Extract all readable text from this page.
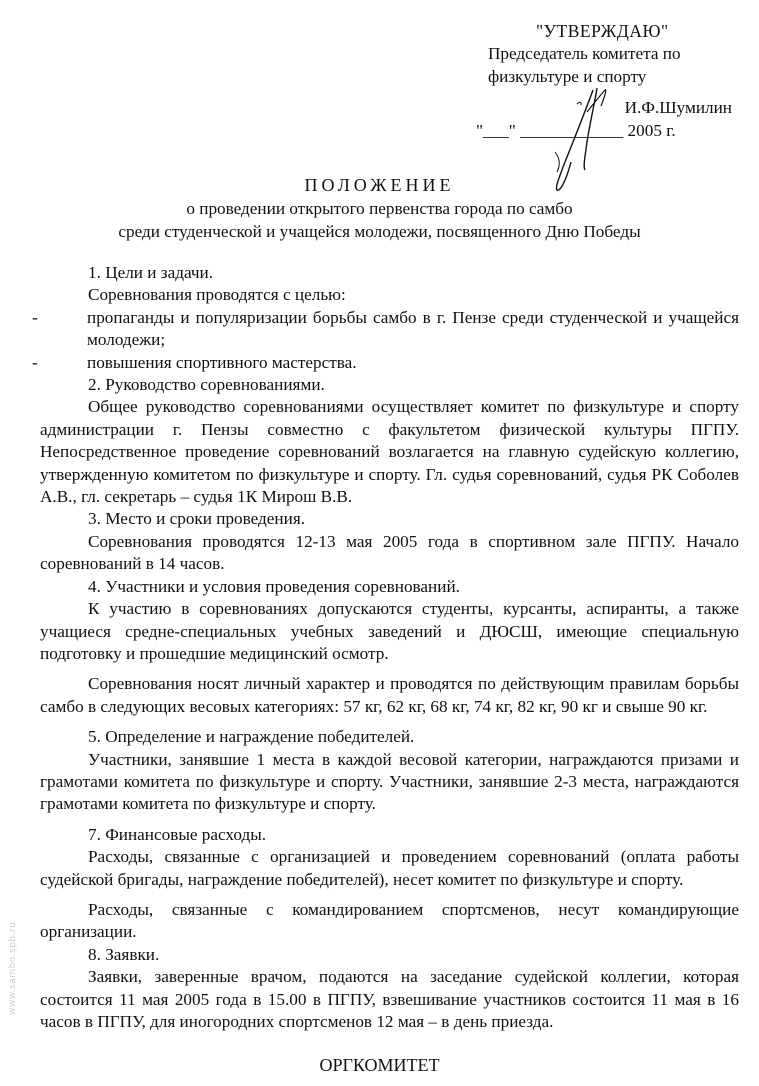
"УТВЕРЖДАЮ"
Председатель комитета по
физкультуре и спорту
И.Ф.Шумилин
"___" ____________ 2005 г.
ПОЛОЖЕНИЕ
о проведении открытого первенства города по самбо
среди студенческой и учащейся молодежи, посвященного Дню Победы

1. Цели и задачи.

Соревнования проводятся с целью:

-	пропаганды и популяризации борьбы самбо в г. Пензе среди студенческой и учащейся молодежи;

-	повышения спортивного мастерства.

2. Руководство соревнованиями.

Общее руководство соревнованиями осуществляет комитет по физкультуре и спорту администрации г. Пензы совместно с факультетом физической культуры ПГПУ. Непосредственное проведение соревнований возлагается на главную судейскую коллегию, утвержденную комитетом по физкультуре и спорту. Гл. судья соревнований, судья РК Соболев А.В., гл. секретарь – судья 1К Мирош В.В.

3. Место и сроки проведения.

Соревнования проводятся 12-13 мая 2005 года в спортивном зале ПГПУ. Начало соревнований в 14 часов.

4. Участники и условия проведения соревнований.

К участию в соревнованиях допускаются студенты, курсанты, аспиранты, а также учащиеся средне-специальных учебных заведений и ДЮСШ, имеющие специальную подготовку и прошедшие медицинский осмотр.

Соревнования носят личный характер и проводятся по действующим правилам борьбы самбо в следующих весовых категориях: 57 кг, 62 кг, 68 кг, 74 кг, 82 кг, 90 кг и свыше 90 кг.

5. Определение и награждение победителей.

Участники, занявшие 1 места в каждой весовой категории, награждаются призами и грамотами комитета по физкультуре и спорту. Участники, занявшие 2-3 места, награждаются грамотами комитета по физкультуре и спорту.

7. Финансовые расходы.

Расходы, связанные с организацией и проведением соревнований (оплата работы судейской бригады, награждение победителей), несет комитет по физкультуре и спорту.

Расходы, связанные с командированием спортсменов, несут командирующие организации.

8. Заявки.

Заявки, заверенные врачом, подаются на заседание судейской коллегии, которая состоится 11 мая 2005 года в 15.00 в ПГПУ, взвешивание участников состоится 11 мая в 16 часов в ПГПУ, для иногородних спортсменов 12 мая – в день приезда.

ОРГКОМИТЕТ
www.sambo.spb.ru
